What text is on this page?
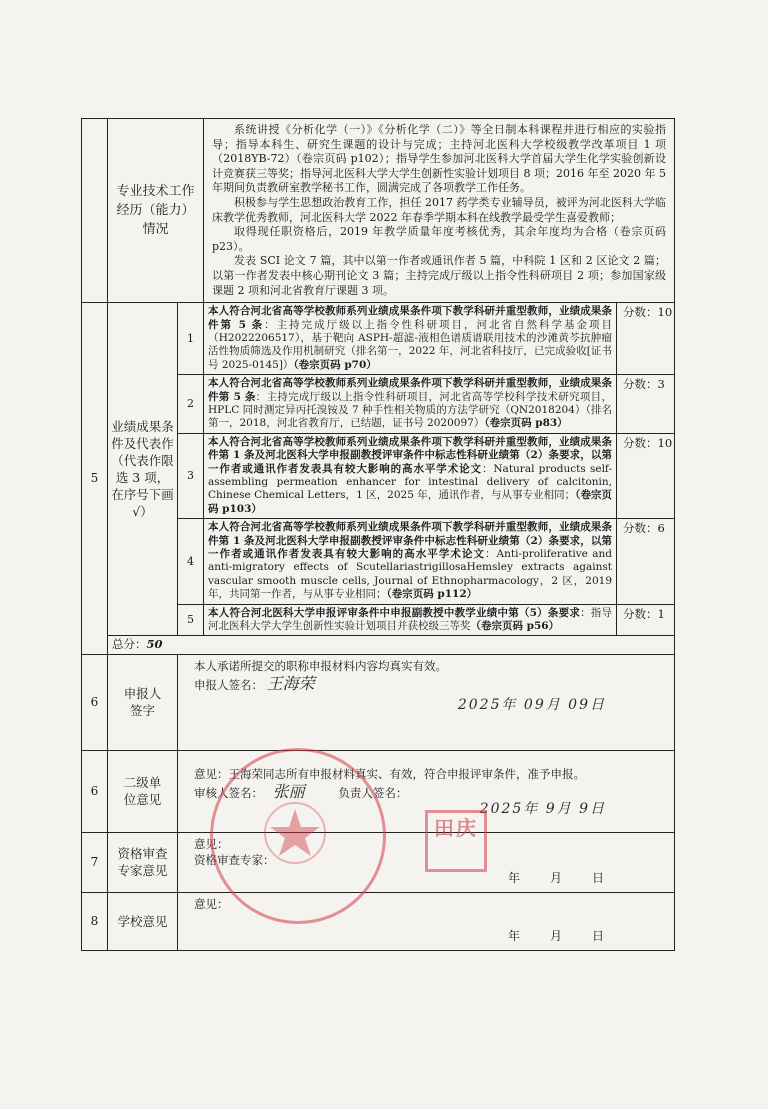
	专业技术工作经历（能力）情况		系统讲授《分析化学（一）》《分析化学（二）》等全日制本科课程并进行相应的实验指导；指导本科生、研究生课题的设计与完成；主持河北医科大学校级教学改革项目 1 项（2018YB-72）（卷宗页码 p102）；指导学生参加河北医科大学首届大学生化学实验创新设计竞赛获三等奖；指导河北医科大学大学生创新性实验计划项目 8 项；2016 年至 2020 年 5 年期间负责教研室教学秘书工作，圆满完成了各项教学工作任务。

积极参与学生思想政治教育工作，担任 2017 药学类专业辅导员，被评为河北医科大学临床教学优秀教师，河北医科大学 2022 年春季学期本科在线教学最受学生喜爱教师；

取得现任职资格后，2019 年教学质量年度考核优秀，其余年度均为合格（卷宗页码 p23）。

发表 SCI 论文 7 篇，其中以第一作者或通讯作者 5 篇，中科院 1 区和 2 区论文 2 篇；以第一作者发表中核心期刊论文 3 篇；主持完成厅级以上指令性科研项目 2 项；参加国家级课题 2 项和河北省教育厅课题 3 项。	

5	业绩成果条件及代表作（代表作限选 3 项，在序号下画 √）	1	本人符合河北省高等学校教师系列业绩成果条件项下教学科研并重型教师，业绩成果条件第 5 条：主持完成厅级以上指令性科研项目，河北省自然科学基金项目（H2022206517），基于靶向 ASPH-超滤-液相色谱质谱联用技术的沙滩黄芩抗肿瘤活性物质筛选及作用机制研究（排名第一，2022 年，河北省科技厅，已完成验收[证书号 2025-0145]）（卷宗页码 p70）	分数：10
		2	本人符合河北省高等学校教师系列业绩成果条件项下教学科研并重型教师，业绩成果条件第 5 条：主持完成厅级以上指令性科研项目，河北省高等学校科学技术研究项目，HPLC 同时测定异丙托溴铵及 7 种手性相关物质的方法学研究（QN2018204）（排名第一，2018，河北省教育厅，已结题，证书号 2020097）（卷宗页码 p83）	分数：3
		3	本人符合河北省高等学校教师系列业绩成果条件项下教学科研并重型教师，业绩成果条件第 1 条及河北医科大学申报副教授评审条件中标志性科研业绩第（2）条要求，以第一作者或通讯作者发表具有较大影响的高水平学术论文：Natural products self-assembling permeation enhancer for intestinal delivery of calcitonin, Chinese Chemical Letters，1 区，2025 年，通讯作者，与从事专业相同；（卷宗页码 p103）	分数：10
		4	本人符合河北省高等学校教师系列业绩成果条件项下教学科研并重型教师，业绩成果条件第 1 条及河北医科大学申报副教授评审条件中标志性科研业绩第（2）条要求，以第一作者或通讯作者发表具有较大影响的高水平学术论文：Anti-proliferative and anti-migratory effects of ScutellariastrigillosaHemsley extracts against vascular smooth muscle cells, Journal of Ethnopharmacology，2 区，2019 年，共同第一作者，与从事专业相同；（卷宗页码 p112）	分数：6
		5	本人符合河北医科大学申报评审条件中申报副教授中教学业绩中第（5）条要求：指导河北医科大学大学生创新性实验计划项目并获校级三等奖（卷宗页码 p56）	分数：1
	总分：50			
6	申报人签字	本人承诺所提交的职称申报材料内容均真实有效。
申报人签名： 王海荣
2025年 09月 09日		

6	二级单位意见	意见：王海荣同志所有申报材料真实、有效，符合申报评审条件，准予申报。
审核人签名： 张丽 负责人签名：
2025年 9月 9日		

7	资格审查专家意见	意见：
资格审查专家：
年　　月　　日		

8	学校意见	意见：
年　　月　　日		
田庆
